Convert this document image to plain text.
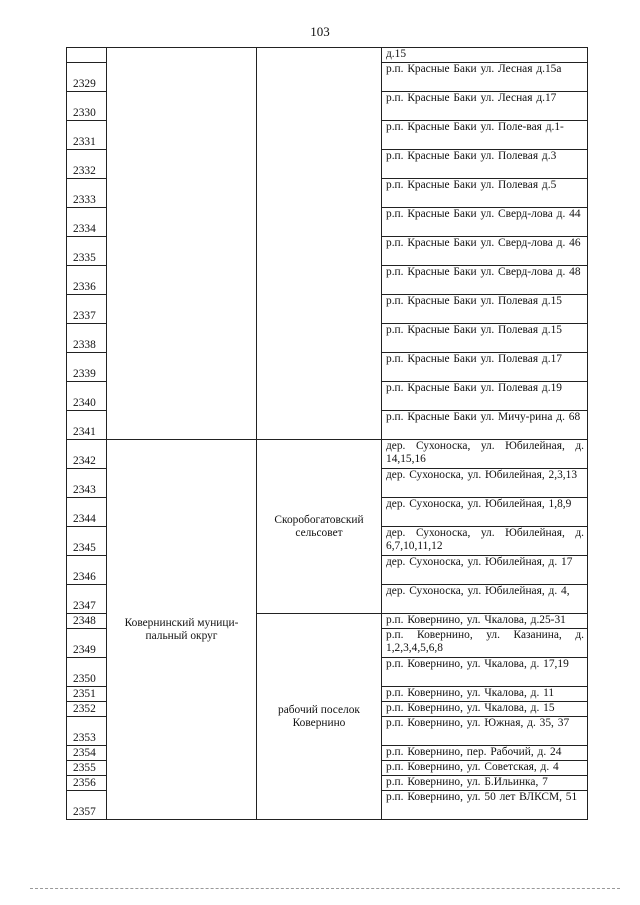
103
			д.15
2329			р.п. Красные Баки ул. Лесная д.15а
2330			р.п. Красные Баки ул. Лесная д.17
2331			р.п. Красные Баки ул. Поле-вая д.1-
2332			р.п. Красные Баки ул. Полевая д.3
2333			р.п. Красные Баки ул. Полевая д.5
2334			р.п. Красные Баки ул. Сверд-лова д. 44
2335			р.п. Красные Баки ул. Сверд-лова д. 46
2336			р.п. Красные Баки ул. Сверд-лова д. 48
2337			р.п. Красные Баки ул. Полевая д.15
2338			р.п. Красные Баки ул. Полевая д.15
2339			р.п. Красные Баки ул. Полевая д.17
2340			р.п. Красные Баки ул. Полевая д.19
2341			р.п. Красные Баки ул. Мичу-рина д. 68
2342	Ковернинский муници-пальный округ	Скоробогатовский сельсовет	дер. Сухоноска, ул. Юбилейная, д. 14,15,16
2343			дер. Сухоноска, ул. Юбилейная, 2,3,13
2344			дер. Сухоноска, ул. Юбилейная, 1,8,9
2345			дер. Сухоноска, ул. Юбилейная, д. 6,7,10,11,12
2346			дер. Сухоноска, ул. Юбилейная, д. 17
2347			дер. Сухоноска, ул. Юбилейная, д. 4,
2348		рабочий поселок Ковернино	р.п. Ковернино, ул. Чкалова, д.25-31
2349			р.п. Ковернино, ул. Казанина, д. 1,2,3,4,5,6,8
2350			р.п. Ковернино, ул. Чкалова, д. 17,19
2351			р.п. Ковернино, ул. Чкалова, д. 11
2352			р.п. Ковернино, ул. Чкалова, д. 15
2353			р.п. Ковернино, ул. Южная, д. 35, 37
2354			р.п. Ковернино, пер. Рабочий, д. 24
2355			р.п. Ковернино, ул. Советская, д. 4
2356			р.п. Ковернино, ул. Б.Ильинка, 7
2357			р.п. Ковернино, ул. 50 лет ВЛКСМ, 51
